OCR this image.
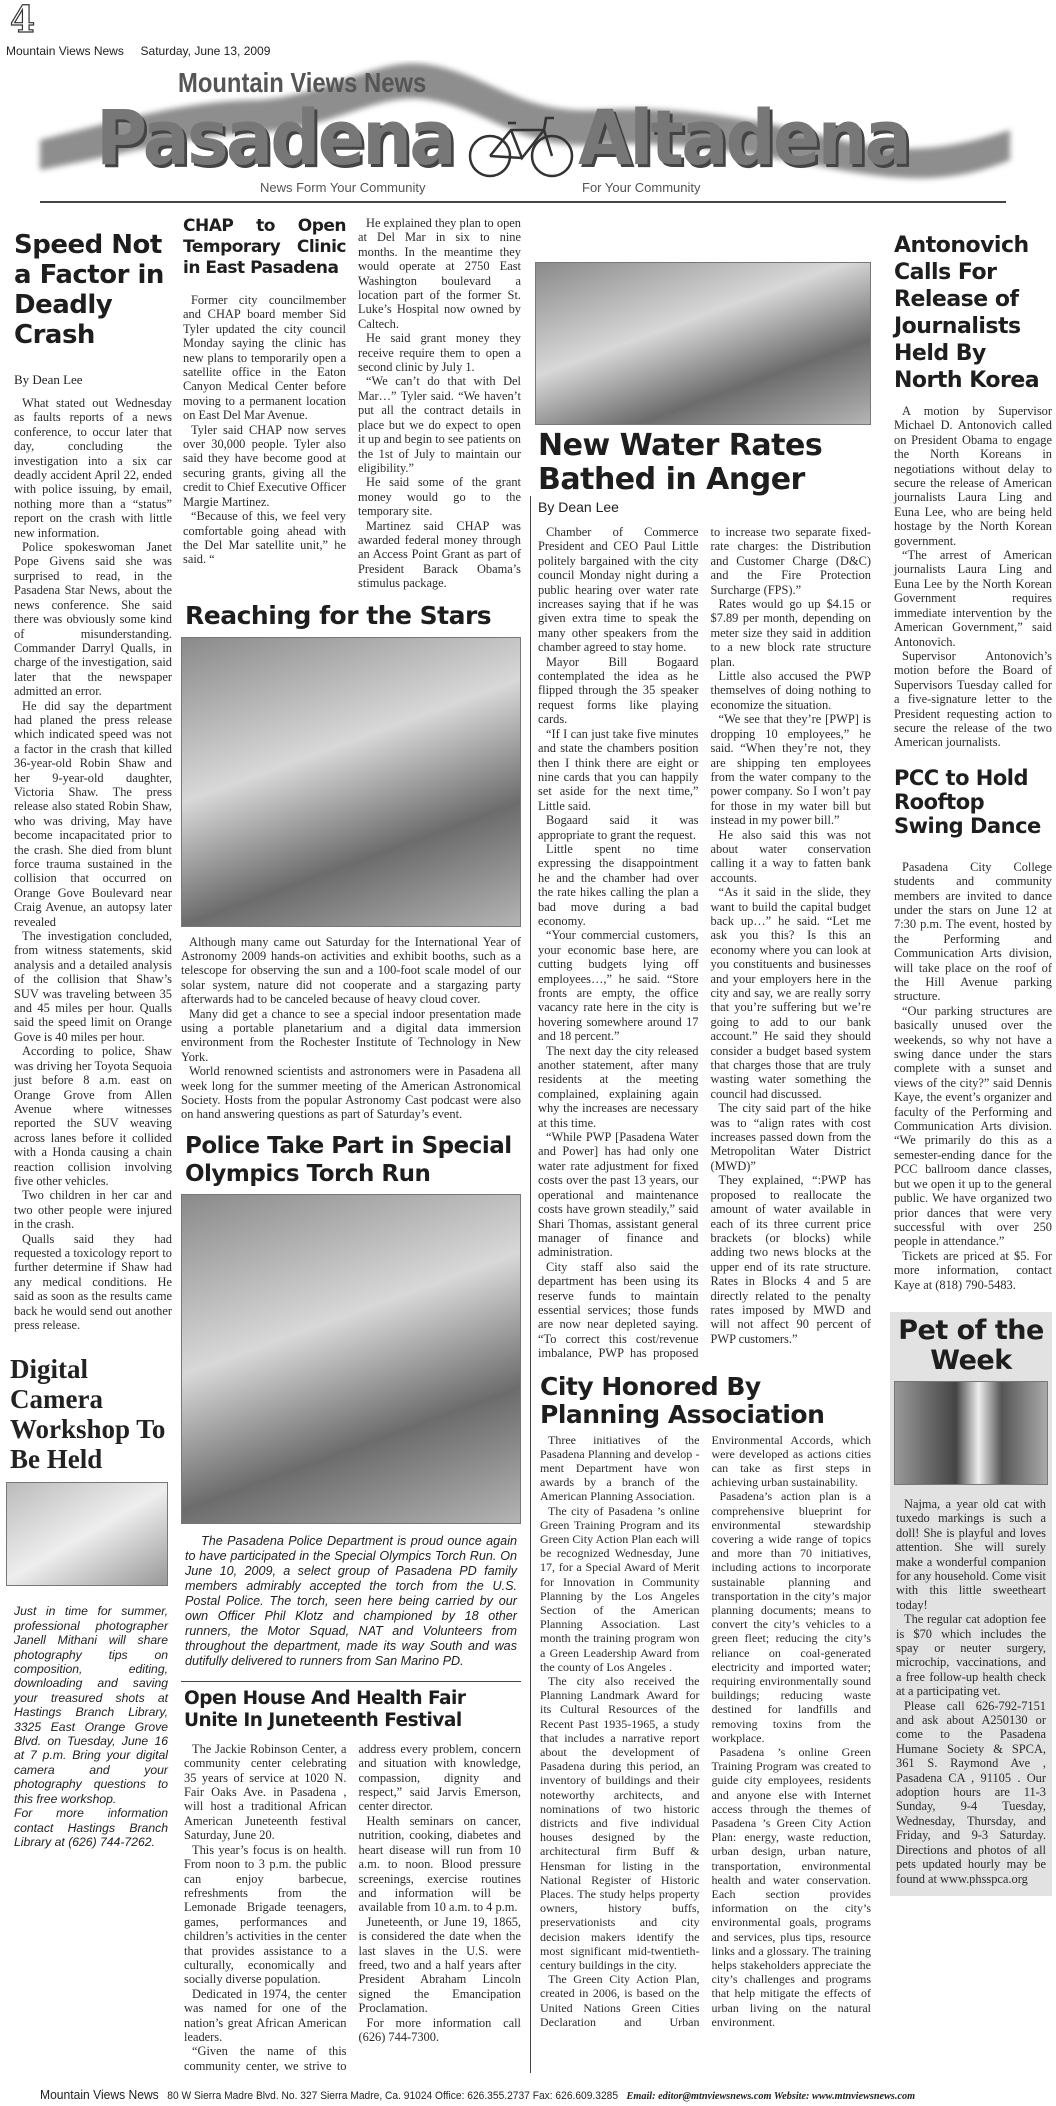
4
Mountain Views News Saturday, June 13, 2009
Mountain Views News
Pasadena Altadena
News Form Your Community	For Your Community
Speed Not a Factor in Deadly Crash
By Dean Lee

What stated out Wednesday as faults reports of a news conference, to occur later that day, concluding the investigation into a six car deadly accident April 22, ended with police issuing, by email, nothing more than a “status” report on the crash with little new information.

Police spokeswoman Janet Pope Givens said she was surprised to read, in the Pasadena Star News, about the news conference. She said there was obviously some kind of misunderstanding. Commander Darryl Qualls, in charge of the investigation, said later that the newspaper admitted an error.

He did say the department had planed the press release which indicated speed was not a factor in the crash that killed 36-year-old Robin Shaw and her 9-year-old daughter, Victoria Shaw. The press release also stated Robin Shaw, who was driving, May have become incapacitated prior to the crash. She died from blunt force trauma sustained in the collision that occurred on Orange Gove Boulevard near Craig Avenue, an autopsy later revealed

The investigation concluded, from witness statements, skid analysis and a detailed analysis of the collision that Shaw’s SUV was traveling between 35 and 45 miles per hour. Qualls said the speed limit on Orange Gove is 40 miles per hour.

According to police, Shaw was driving her Toyota Sequoia just before 8 a.m. east on Orange Grove from Allen Avenue where witnesses reported the SUV weaving across lanes before it collided with a Honda causing a chain reaction collision involving five other vehicles.

Two children in her car and two other people were injured in the crash.

Qualls said they had requested a toxicology report to further determine if Shaw had any medical conditions. He said as soon as the results came back he would send out another press release.

Digital Camera Workshop To Be Held

Just in time for summer, professional photographer Janell Mithani will share photography tips on composition, editing, downloading and saving your treasured shots at Hastings Branch Library, 3325 East Orange Grove Blvd. on Tuesday, June 16 at 7 p.m. Bring your digital camera and your photography questions to this free workshop.

For more information contact Hastings Branch Library at (626) 744-7262.

CHAP to Open Temporary Clinic in East Pasadena

Former city councilmember and CHAP board member Sid Tyler updated the city council Monday saying the clinic has new plans to temporarily open a satellite office in the Eaton Canyon Medical Center before moving to a permanent location on East Del Mar Avenue.

Tyler said CHAP now serves over 30,000 people. Tyler also said they have become good at securing grants, giving all the credit to Chief Executive Officer Margie Martinez.

“Because of this, we feel very comfortable going ahead with the Del Mar satellite unit,” he said. “

He explained they plan to open at Del Mar in six to nine months. In the meantime they would operate at 2750 East Washington boulevard a location part of the former St. Luke’s Hospital now owned by Caltech.

He said grant money they receive require them to open a second clinic by July 1.

“We can’t do that with Del Mar…” Tyler said. “We haven’t put all the contract details in place but we do expect to open it up and begin to see patients on the 1st of July to maintain our eligibility.”

He said some of the grant money would go to the temporary site.

Martinez said CHAP was awarded federal money through an Access Point Grant as part of President Barack Obama’s stimulus package.

Reaching for the Stars

Although many came out Saturday for the International Year of Astronomy 2009 hands-on activities and exhibit booths, such as a telescope for observing the sun and a 100-foot scale model of our solar system, nature did not cooperate and a stargazing party afterwards had to be canceled because of heavy cloud cover.

Many did get a chance to see a special indoor presentation made using a portable planetarium and a digital data immersion environment from the Rochester Institute of Technology in New York.

World renowned scientists and astronomers were in Pasadena all week long for the summer meeting of the American Astronomical Society. Hosts from the popular Astronomy Cast podcast were also on hand answering questions as part of Saturday’s event.

Police Take Part in Special Olympics Torch Run

The Pasadena Police Department is proud ounce again to have participated in the Special Olympics Torch Run. On June 10, 2009, a select group of Pasadena PD family members admirably accepted the torch from the U.S. Postal Police. The torch, seen here being carried by our own Officer Phil Klotz and championed by 18 other runners, the Motor Squad, NAT and Volunteers from throughout the department, made its way South and was dutifully delivered to runners from San Marino PD.

Open House And Health Fair Unite In Juneteenth Festival

The Jackie Robinson Center, a community center celebrating 35 years of service at 1020 N. Fair Oaks Ave. in Pasadena , will host a traditional African American Juneteenth festival Saturday, June 20.

This year’s focus is on health. From noon to 3 p.m. the public can enjoy barbecue, refreshments from the Lemonade Brigade teenagers, games, performances and children’s activities in the center that provides assistance to a culturally, economically and socially diverse population.

Dedicated in 1974, the center was named for one of the nation’s great African American leaders.

“Given the name of this community center, we strive to address every problem, concern and situation with knowledge, compassion, dignity and respect,” said Jarvis Emerson, center director.

Health seminars on cancer, nutrition, cooking, diabetes and heart disease will run from 10 a.m. to noon. Blood pressure screenings, exercise routines and information will be available from 10 a.m. to 4 p.m.

Juneteenth, or June 19, 1865, is considered the date when the last slaves in the U.S. were freed, two and a half years after President Abraham Lincoln signed the Emancipation Proclamation.

For more information call (626) 744-7300.

New Water Rates Bathed in Anger
By Dean Lee

Chamber of Commerce President and CEO Paul Little politely bargained with the city council Monday night during a public hearing over water rate increases saying that if he was given extra time to speak the many other speakers from the chamber agreed to stay home.

Mayor Bill Bogaard contemplated the idea as he flipped through the 35 speaker request forms like playing cards.

“If I can just take five minutes and state the chambers position then I think there are eight or nine cards that you can happily set aside for the next time,” Little said.

Bogaard said it was appropriate to grant the request.

Little spent no time expressing the disappointment he and the chamber had over the rate hikes calling the plan a bad move during a bad economy.

“Your commercial customers, your economic base here, are cutting budgets lying off employees…,” he said. “Store fronts are empty, the office vacancy rate here in the city is hovering somewhere around 17 and 18 percent.”

The next day the city released another statement, after many residents at the meeting complained, explaining again why the increases are necessary at this time.

“While PWP [Pasadena Water and Power] has had only one water rate adjustment for fixed costs over the past 13 years, our operational and maintenance costs have grown steadily,” said Shari Thomas, assistant general manager of finance and administration.

City staff also said the department has been using its reserve funds to maintain essential services; those funds are now near depleted saying. “To correct this cost/revenue imbalance, PWP has proposed to increase two separate fixed-rate charges: the Distribution and Customer Charge (D&C) and the Fire Protection Surcharge (FPS).”

Rates would go up $4.15 or $7.89 per month, depending on meter size they said in addition to a new block rate structure plan.

Little also accused the PWP themselves of doing nothing to economize the situation.

“We see that they’re [PWP] is dropping 10 employees,” he said. “When they’re not, they are shipping ten employees from the water company to the power company. So I won’t pay for those in my water bill but instead in my power bill.”

He also said this was not about water conservation calling it a way to fatten bank accounts.

“As it said in the slide, they want to build the capital budget back up…” he said. “Let me ask you this? Is this an economy where you can look at you constituents and businesses and your employers here in the city and say, we are really sorry that you’re suffering but we’re going to add to our bank account.” He said they should consider a budget based system that charges those that are truly wasting water something the council had discussed.

The city said part of the hike was to “align rates with cost increases passed down from the Metropolitan Water District (MWD)”

They explained, “:PWP has proposed to reallocate the amount of water available in each of its three current price brackets (or blocks) while adding two news blocks at the upper end of its rate structure. Rates in Blocks 4 and 5 are directly related to the penalty rates imposed by MWD and will not affect 90 percent of PWP customers.”

City Honored By Planning Association

Three initiatives of the Pasadena Planning and develop -ment Department have won awards by a branch of the American Planning Association.

The city of Pasadena ’s online Green Training Program and its Green City Action Plan each will be recognized Wednesday, June 17, for a Special Award of Merit for Innovation in Community Planning by the Los Angeles Section of the American Planning Association. Last month the training program won a Green Leadership Award from the county of Los Angeles .

The city also received the Planning Landmark Award for its Cultural Resources of the Recent Past 1935-1965, a study that includes a narrative report about the development of Pasadena during this period, an inventory of buildings and their noteworthy architects, and nominations of two historic districts and five individual houses designed by the architectural firm Buff & Hensman for listing in the National Register of Historic Places. The study helps property owners, history buffs, preservationists and city decision makers identify the most significant mid-twentieth-century buildings in the city.

The Green City Action Plan, created in 2006, is based on the United Nations Green Cities Declaration and Urban Environmental Accords, which were developed as actions cities can take as first steps in achieving urban sustainability.

Pasadena’s action plan is a comprehensive blueprint for environmental stewardship covering a wide range of topics and more than 70 initiatives, including actions to incorporate sustainable planning and transportation in the city’s major planning documents; means to convert the city’s vehicles to a green fleet; reducing the city’s reliance on coal-generated electricity and imported water; requiring environmentally sound buildings; reducing waste destined for landfills and removing toxins from the workplace.

Pasadena ’s online Green Training Program was created to guide city employees, residents and anyone else with Internet access through the themes of Pasadena ’s Green City Action Plan: energy, waste reduction, urban design, urban nature, transportation, environmental health and water conservation. Each section provides information on the city’s environmental goals, programs and services, plus tips, resource links and a glossary. The training helps stakeholders appreciate the city’s challenges and programs that help mitigate the effects of urban living on the natural environment.

Antonovich Calls For Release of Journalists Held By North Korea

A motion by Supervisor Michael D. Antonovich called on President Obama to engage the North Koreans in negotiations without delay to secure the release of American journalists Laura Ling and Euna Lee, who are being held hostage by the North Korean government.

“The arrest of American journalists Laura Ling and Euna Lee by the North Korean Government requires immediate intervention by the American Government,” said Antonovich.

Supervisor Antonovich’s motion before the Board of Supervisors Tuesday called for a five-signature letter to the President requesting action to secure the release of the two American journalists.

PCC to Hold Rooftop Swing Dance

Pasadena City College students and community members are invited to dance under the stars on June 12 at 7:30 p.m. The event, hosted by the Performing and Communication Arts division, will take place on the roof of the Hill Avenue parking structure.

“Our parking structures are basically unused over the weekends, so why not have a swing dance under the stars complete with a sunset and views of the city?” said Dennis Kaye, the event’s organizer and faculty of the Performing and Communication Arts division. “We primarily do this as a semester-ending dance for the PCC ballroom dance classes, but we open it up to the general public. We have organized two prior dances that were very successful with over 250 people in attendance.”

Tickets are priced at $5. For more information, contact Kaye at (818) 790-5483.

Pet of the Week

Najma, a year old cat with tuxedo markings is such a doll! She is playful and loves attention. She will surely make a wonderful companion for any household. Come visit with this little sweetheart today!

The regular cat adoption fee is $70 which includes the spay or neuter surgery, microchip, vaccinations, and a free follow-up health check at a participating vet.

Please call 626-792-7151 and ask about A250130 or come to the Pasadena Humane Society & SPCA, 361 S. Raymond Ave , Pasadena CA , 91105 . Our adoption hours are 11-3 Sunday, 9-4 Tuesday, Wednesday, Thursday, and Friday, and 9-3 Saturday. Directions and photos of all pets updated hourly may be found at www.phsspca.org

Mountain Views News 80 W Sierra Madre Blvd. No. 327 Sierra Madre, Ca. 91024 Office: 626.355.2737 Fax: 626.609.3285 Email: editor@mtnviewsnews.com Website: www.mtnviewsnews.com
